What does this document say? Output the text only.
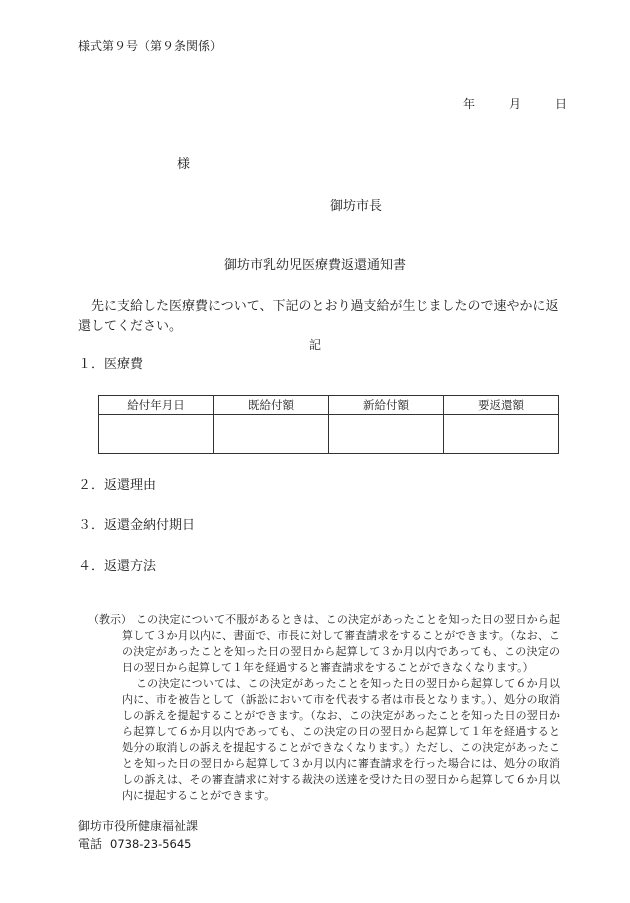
様式第９号（第９条関係）
年	月	日
様
御坊市長
御坊市乳幼児医療費返還通知書
先に支給した医療費について、下記のとおり過支給が生じましたので速やかに返還してください。
記
１．医療費
給付年月日	既給付額	新給付額	要返還額

２．返還理由
３．返還金納付期日
４．返還方法
（教示） この決定について不服があるときは、この決定があったことを知った日の翌日から起算して３か月以内に、書面で、市長に対して審査請求をすることができます。（なお、この決定があったことを知った日の翌日から起算して３か月以内であっても、この決定の日の翌日から起算して１年を経過すると審査請求をすることができなくなります。）

この決定については、この決定があったことを知った日の翌日から起算して６か月以内に、市を被告として（訴訟において市を代表する者は市長となります。）、処分の取消しの訴えを提起することができます。（なお、この決定があったことを知った日の翌日から起算して６か月以内であっても、この決定の日の翌日から起算して１年を経過すると処分の取消しの訴えを提起することができなくなります。）ただし、この決定があったことを知った日の翌日から起算して３か月以内に審査請求を行った場合には、処分の取消しの訴えは、その審査請求に対する裁決の送達を受けた日の翌日から起算して６か月以内に提起することができます。

御坊市役所健康福祉課
電話 0738-23-5645
